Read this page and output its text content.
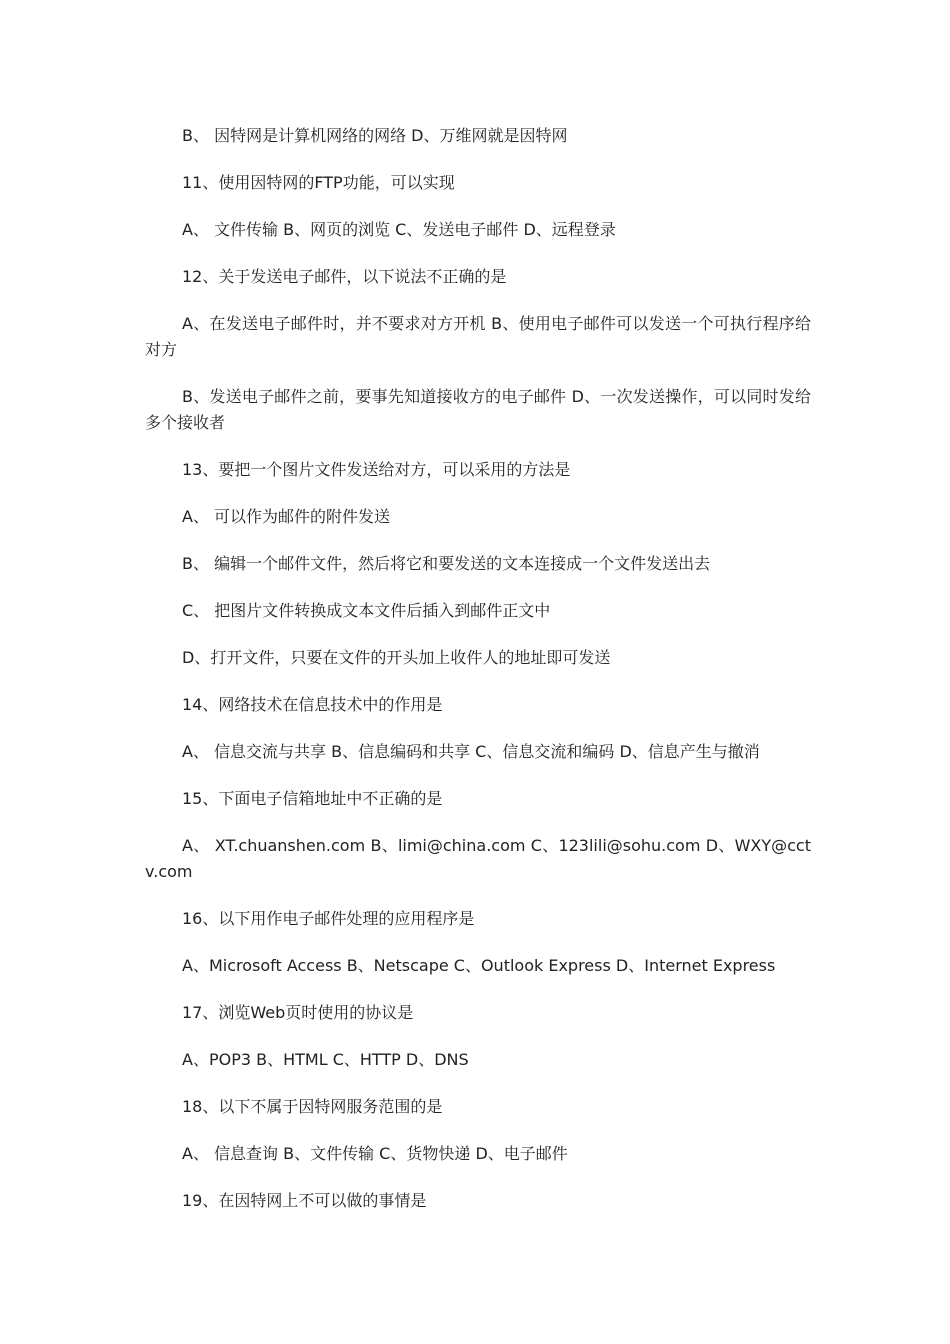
B、 因特网是计算机网络的网络 D、万维网就是因特网

11、使用因特网的FTP功能，可以实现

A、 文件传输 B、网页的浏览 C、发送电子邮件 D、远程登录

12、关于发送电子邮件，以下说法不正确的是

A、在发送电子邮件时，并不要求对方开机 B、使用电子邮件可以发送一个可执行程序给对方

B、发送电子邮件之前，要事先知道接收方的电子邮件 D、一次发送操作，可以同时发给多个接收者

13、要把一个图片文件发送给对方，可以采用的方法是

A、 可以作为邮件的附件发送

B、 编辑一个邮件文件，然后将它和要发送的文本连接成一个文件发送出去

C、 把图片文件转换成文本文件后插入到邮件正文中

D、打开文件，只要在文件的开头加上收件人的地址即可发送

14、网络技术在信息技术中的作用是

A、 信息交流与共享 B、信息编码和共享 C、信息交流和编码 D、信息产生与撤消

15、下面电子信箱地址中不正确的是

A、 XT.chuanshen.com B、limi@china.com C、123lili@sohu.com D、WXY@cctv.com

16、以下用作电子邮件处理的应用程序是

A、Microsoft Access B、Netscape C、Outlook Express D、Internet Express

17、浏览Web页时使用的协议是

A、POP3 B、HTML C、HTTP D、DNS

18、以下不属于因特网服务范围的是

A、 信息查询 B、文件传输 C、货物快递 D、电子邮件

19、在因特网上不可以做的事情是
